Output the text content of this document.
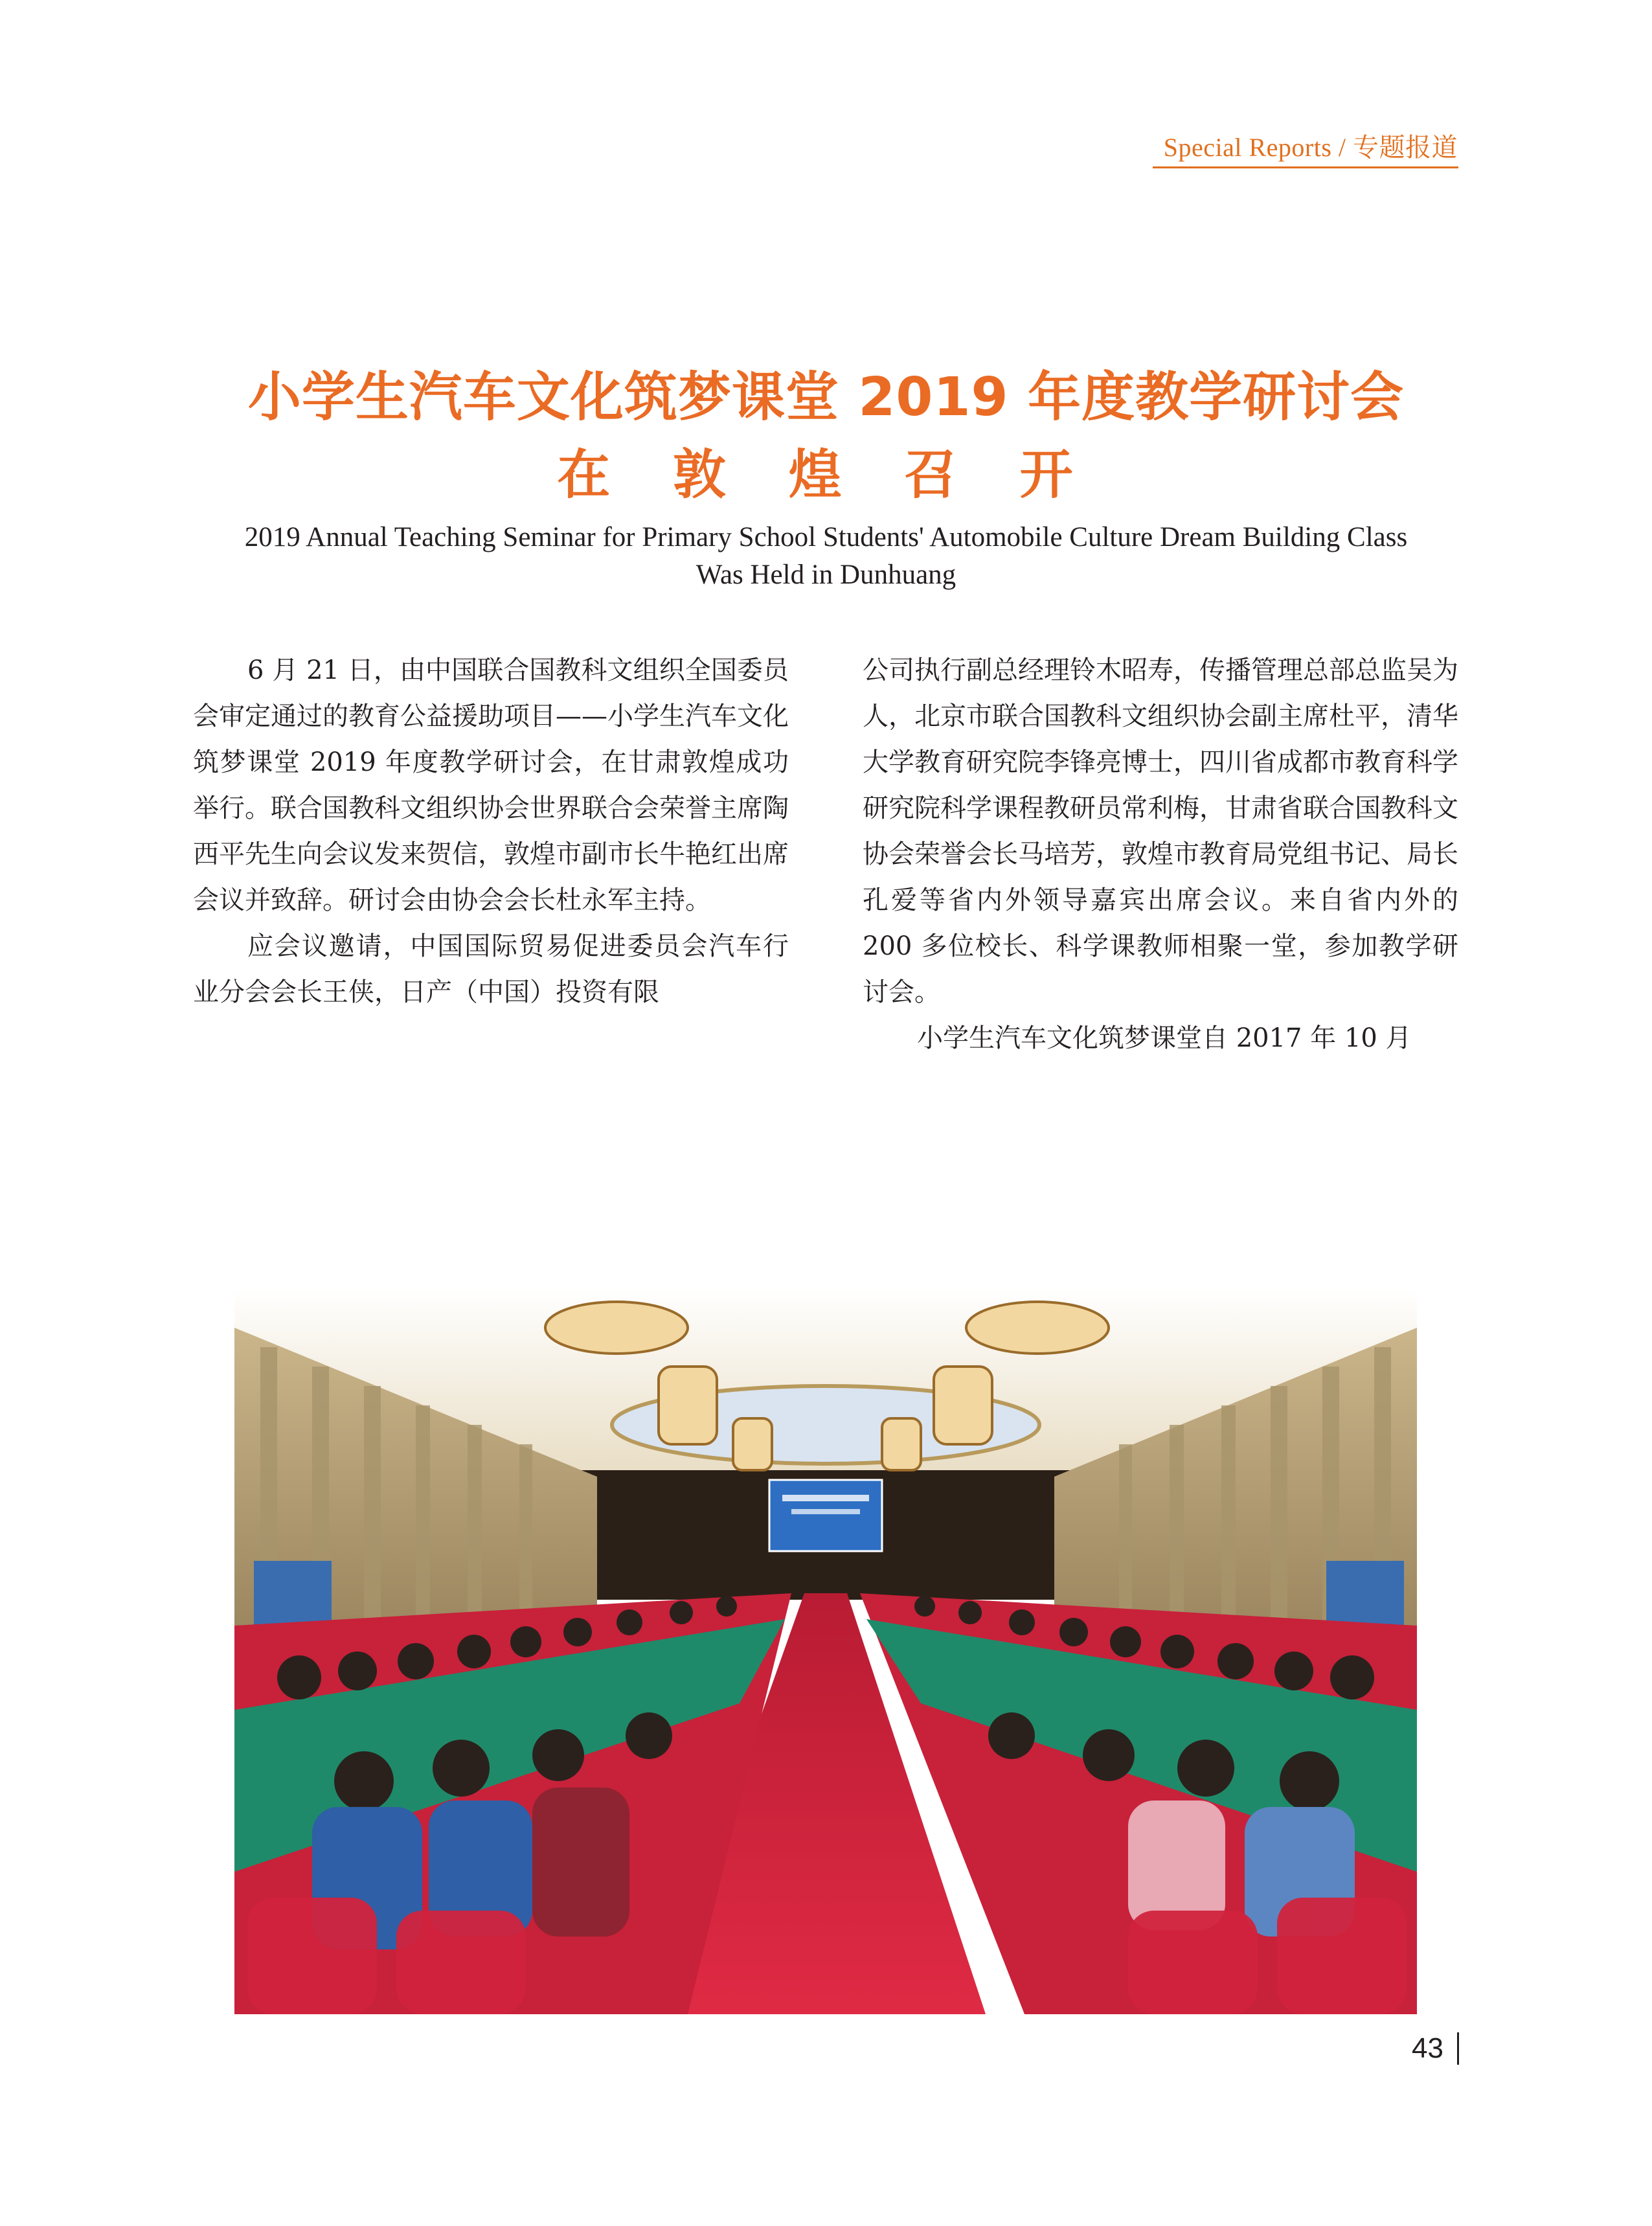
Special Reports / 专题报道
小学生汽车文化筑梦课堂 2019 年度教学研讨会
在 敦 煌 召 开
2019 Annual Teaching Seminar for Primary School Students' Automobile Culture Dream Building Class
Was Held in Dunhuang

6 月 21 日，由中国联合国教科文组织全国委员会审定通过的教育公益援助项目——小学生汽车文化筑梦课堂 2019 年度教学研讨会，在甘肃敦煌成功举行。联合国教科文组织协会世界联合会荣誉主席陶西平先生向会议发来贺信，敦煌市副市长牛艳红出席会议并致辞。研讨会由协会会长杜永军主持。

应会议邀请，中国国际贸易促进委员会汽车行业分会会长王侠，日产（中国）投资有限

公司执行副总经理铃木昭寿，传播管理总部总监吴为人，北京市联合国教科文组织协会副主席杜平，清华大学教育研究院李锋亮博士，四川省成都市教育科学研究院科学课程教研员常利梅，甘肃省联合国教科文协会荣誉会长马培芳，敦煌市教育局党组书记、局长孔爱等省内外领导嘉宾出席会议。来自省内外的 200 多位校长、科学课教师相聚一堂，参加教学研讨会。

小学生汽车文化筑梦课堂自 2017 年 10 月

43
